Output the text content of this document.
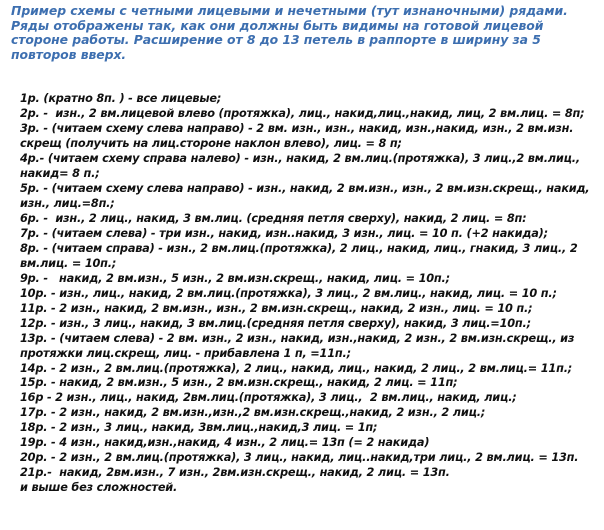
Пример схемы с четными лицевыми и нечетными (тут изнаночными) рядами.
Ряды отображены так, как они должны быть видимы на готовой лицевой
стороне работы. Расширение от 8 до 13 петель в раппорте в ширину за 5
повторов вверх.
1р. (кратно 8п. ) - все лицевые;
2р. -  изн., 2 вм.лицевой влево (протяжка), лиц., накид,лиц.,накид, лиц, 2 вм.лиц. = 8п;
3р. - (читаем схему слева направо) - 2 вм. изн., изн., накид, изн.,накид, изн., 2 вм.изн.
скрещ (получить на лиц.стороне наклон влево), лиц. = 8 п;
4р.- (читаем схему справа налево) - изн., накид, 2 вм.лиц.(протяжка), 3 лиц.,2 вм.лиц.,
накид= 8 п.;
5р. - (читаем схему слева направо) - изн., накид, 2 вм.изн., изн., 2 вм.изн.скрещ., накид,
изн., лиц.=8п.;
6р. -  изн., 2 лиц., накид, 3 вм.лиц. (средняя петля сверху), накид, 2 лиц. = 8п:
7р. - (читаем слева) - три изн., накид, изн..накид, 3 изн., лиц. = 10 п. (+2 накида);
8р. - (читаем справа) - изн., 2 вм.лиц.(протяжка), 2 лиц., накид, лиц., гнакид, 3 лиц., 2
вм.лиц. = 10п.;
9р. -   накид, 2 вм.изн., 5 изн., 2 вм.изн.скрещ., накид, лиц. = 10п.;
10р. - изн., лиц., накид, 2 вм.лиц.(протяжка), 3 лиц., 2 вм.лиц., накид, лиц. = 10 п.;
11р. - 2 изн., накид, 2 вм.изн., изн., 2 вм.изн.скрещ., накид, 2 изн., лиц. = 10 п.;
12р. - изн., 3 лиц., накид, 3 вм.лиц.(средняя петля сверху), накид, 3 лиц.=10п.;
13р. - (читаем слева) - 2 вм. изн., 2 изн., накид, изн.,накид, 2 изн., 2 вм.изн.скрещ., из
протяжки лиц.скрещ, лиц. - прибавлена 1 п, =11п.;
14р. - 2 изн., 2 вм.лиц.(протяжка), 2 лиц., накид, лиц., накид, 2 лиц., 2 вм.лиц.= 11п.;
15р. - накид, 2 вм.изн., 5 изн., 2 вм.изн.скрещ., накид, 2 лиц. = 11п;
16р - 2 изн., лиц., накид, 2вм.лиц.(протяжка), 3 лиц.,  2 вм.лиц., накид, лиц.;
17р. - 2 изн., накид, 2 вм.изн.,изн.,2 вм.изн.скрещ.,накид, 2 изн., 2 лиц.;
18р. - 2 изн., 3 лиц., накид, 3вм.лиц.,накид,3 лиц. = 1п;
19р. - 4 изн., накид,изн.,накид, 4 изн., 2 лиц.= 13п (= 2 накида)
20р. - 2 изн., 2 вм.лиц.(протяжка), 3 лиц., накид, лиц..накид,три лиц., 2 вм.лиц. = 13п.
21р.-  накид, 2вм.изн., 7 изн., 2вм.изн.скрещ., накид, 2 лиц. = 13п.
и выше без сложностей.
